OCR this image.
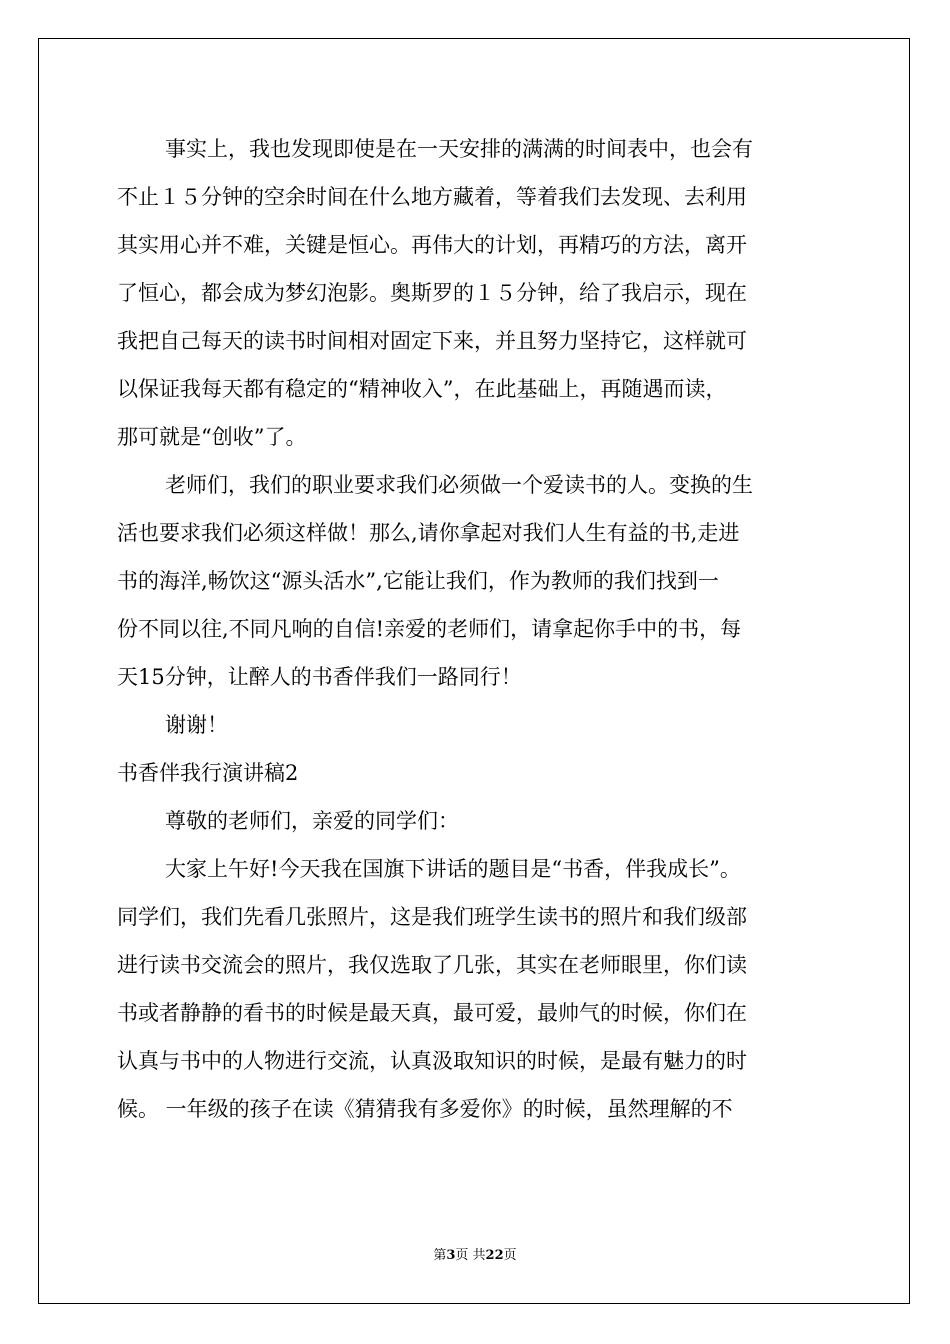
事实上，我也发现即使是在一天安排的满满的时间表中，也会有
不止１５分钟的空余时间在什么地方藏着，等着我们去发现、去利用
其实用心并不难，关键是恒心。再伟大的计划，再精巧的方法，离开
了恒心，都会成为梦幻泡影。奥斯罗的１５分钟，给了我启示，现在
我把自己每天的读书时间相对固定下来，并且努力坚持它，这样就可
以保证我每天都有稳定的“精神收入”，在此基础上，再随遇而读，
那可就是“创收”了。
老师们，我们的职业要求我们必须做一个爱读书的人。变换的生
活也要求我们必须这样做！那么,请你拿起对我们人生有益的书,走进
书的海洋,畅饮这“源头活水”,它能让我们，作为教师的我们找到一
份不同以往,不同凡响的自信!亲爱的老师们，请拿起你手中的书，每
天15分钟，让醉人的书香伴我们一路同行！
谢谢！
书香伴我行演讲稿2
尊敬的老师们，亲爱的同学们：
大家上午好!今天我在国旗下讲话的题目是“书香，伴我成长”。
同学们，我们先看几张照片，这是我们班学生读书的照片和我们级部
进行读书交流会的照片，我仅选取了几张，其实在老师眼里，你们读
书或者静静的看书的时候是最天真，最可爱，最帅气的时候，你们在
认真与书中的人物进行交流，认真汲取知识的时候，是最有魅力的时
候。 一年级的孩子在读《猜猜我有多爱你》的时候，虽然理解的不
第3页 共22页
